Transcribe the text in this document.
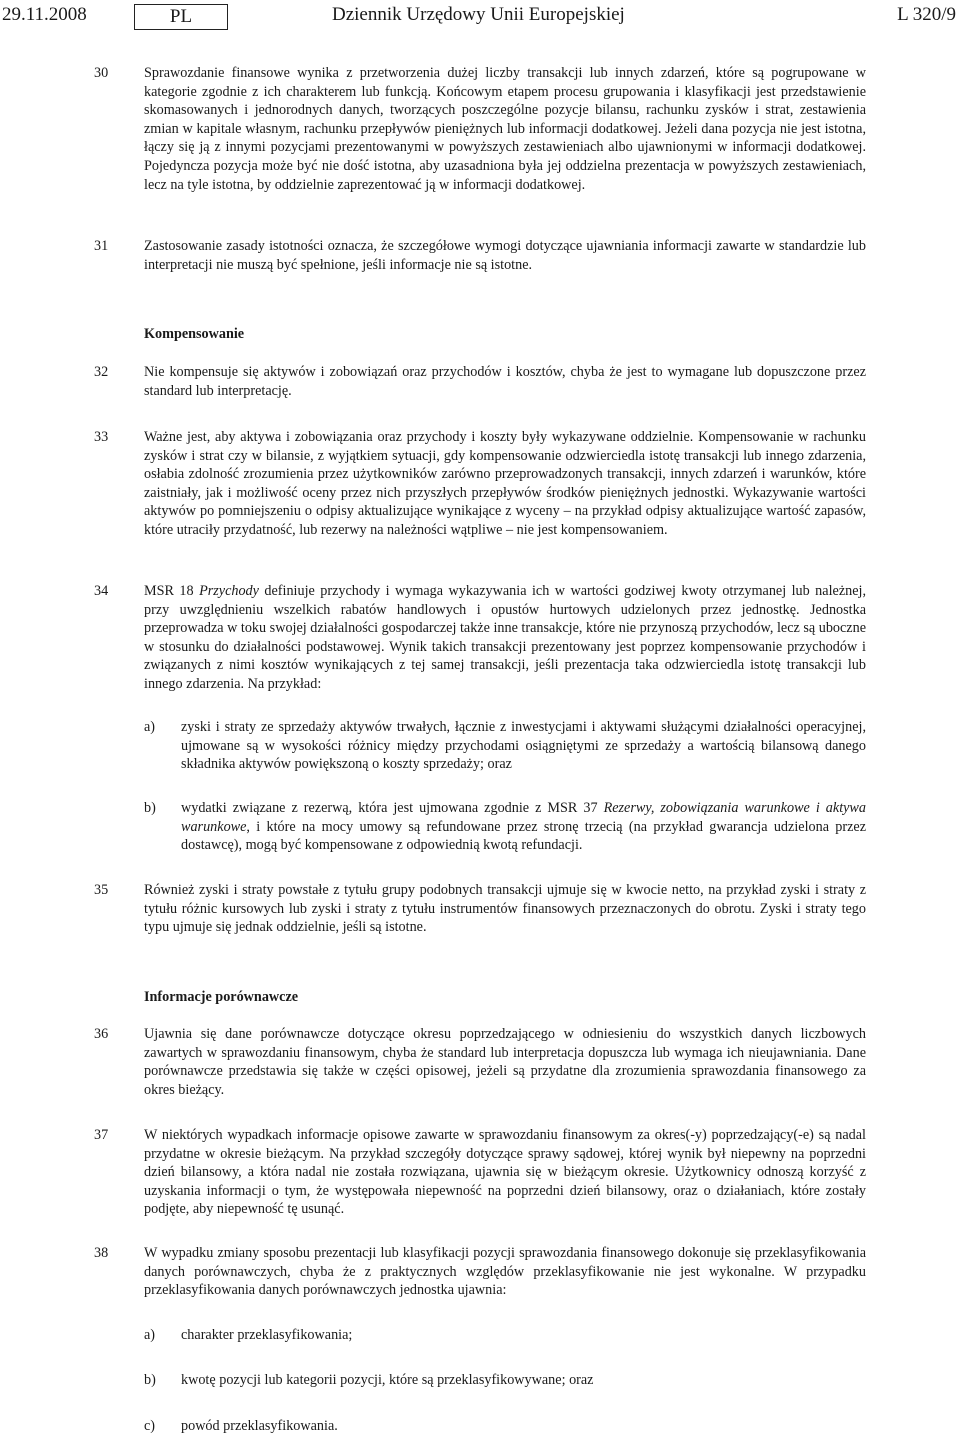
29.11.2008	PL	Dziennik Urzędowy Unii Europejskiej	L 320/9
30	Sprawozdanie finansowe wynika z przetworzenia dużej liczby transakcji lub innych zdarzeń, które są pogrupowane w kategorie zgodnie z ich charakterem lub funkcją. Końcowym etapem procesu grupowania i klasyfikacji jest przedstawienie skomasowanych i jednorodnych danych, tworzących poszczególne pozycje bilansu, rachunku zysków i strat, zestawienia zmian w kapitale własnym, rachunku przepływów pieniężnych lub informacji dodatkowej. Jeżeli dana pozycja nie jest istotna, łączy się ją z innymi pozycjami prezentowanymi w powyższych zestawieniach albo ujawnionymi w informacji dodatkowej. Pojedyncza pozycja może być nie dość istotna, aby uzasadniona była jej oddzielna prezentacja w powyższych zestawieniach, lecz na tyle istotna, by oddzielnie zaprezentować ją w informacji dodatkowej.
31	Zastosowanie zasady istotności oznacza, że szczegółowe wymogi dotyczące ujawniania informacji zawarte w standardzie lub interpretacji nie muszą być spełnione, jeśli informacje nie są istotne.
Kompensowanie
32	Nie kompensuje się aktywów i zobowiązań oraz przychodów i kosztów, chyba że jest to wymagane lub dopuszczone przez standard lub interpretację.
33	Ważne jest, aby aktywa i zobowiązania oraz przychody i koszty były wykazywane oddzielnie. Kompensowanie w rachunku zysków i strat czy w bilansie, z wyjątkiem sytuacji, gdy kompensowanie odzwierciedla istotę transakcji lub innego zdarzenia, osłabia zdolność zrozumienia przez użytkowników zarówno przeprowadzonych transakcji, innych zdarzeń i warunków, które zaistniały, jak i możliwość oceny przez nich przyszłych przepływów środków pieniężnych jednostki. Wykazywanie wartości aktywów po pomniejszeniu o odpisy aktualizujące wynikające z wyceny – na przykład odpisy aktualizujące wartość zapasów, które utraciły przydatność, lub rezerwy na należności wątpliwe – nie jest kompensowaniem.
34	MSR 18 Przychody definiuje przychody i wymaga wykazywania ich w wartości godziwej kwoty otrzymanej lub należnej, przy uwzględnieniu wszelkich rabatów handlowych i opustów hurtowych udzielonych przez jednostkę. Jednostka przeprowadza w toku swojej działalności gospodarczej także inne transakcje, które nie przynoszą przychodów, lecz są uboczne w stosunku do działalności podstawowej. Wynik takich transakcji prezentowany jest poprzez kompensowanie przychodów i związanych z nimi kosztów wynikających z tej samej transakcji, jeśli prezentacja taka odzwierciedla istotę transakcji lub innego zdarzenia. Na przykład:
a) zyski i straty ze sprzedaży aktywów trwałych, łącznie z inwestycjami i aktywami służącymi działalności operacyjnej, ujmowane są w wysokości różnicy między przychodami osiągniętymi ze sprzedaży a wartością bilansową danego składnika aktywów powiększoną o koszty sprzedaży; oraz
b) wydatki związane z rezerwą, która jest ujmowana zgodnie z MSR 37 Rezerwy, zobowiązania warunkowe i aktywa warunkowe, i które na mocy umowy są refundowane przez stronę trzecią (na przykład gwarancja udzielona przez dostawcę), mogą być kompensowane z odpowiednią kwotą refundacji.
35	Również zyski i straty powstałe z tytułu grupy podobnych transakcji ujmuje się w kwocie netto, na przykład zyski i straty z tytułu różnic kursowych lub zyski i straty z tytułu instrumentów finansowych przeznaczonych do obrotu. Zyski i straty tego typu ujmuje się jednak oddzielnie, jeśli są istotne.
Informacje porównawcze
36	Ujawnia się dane porównawcze dotyczące okresu poprzedzającego w odniesieniu do wszystkich danych liczbowych zawartych w sprawozdaniu finansowym, chyba że standard lub interpretacja dopuszcza lub wymaga ich nieujawniania. Dane porównawcze przedstawia się także w części opisowej, jeżeli są przydatne dla zrozumienia sprawozdania finansowego za okres bieżący.
37	W niektórych wypadkach informacje opisowe zawarte w sprawozdaniu finansowym za okres(-y) poprzedzający(-e) są nadal przydatne w okresie bieżącym. Na przykład szczegóły dotyczące sprawy sądowej, której wynik był niepewny na poprzedni dzień bilansowy, a która nadal nie została rozwiązana, ujawnia się w bieżącym okresie. Użytkownicy odnoszą korzyść z uzyskania informacji o tym, że występowała niepewność na poprzedni dzień bilansowy, oraz o działaniach, które zostały podjęte, aby niepewność tę usunąć.
38	W wypadku zmiany sposobu prezentacji lub klasyfikacji pozycji sprawozdania finansowego dokonuje się przeklasyfikowania danych porównawczych, chyba że z praktycznych względów przeklasyfikowanie nie jest wykonalne. W przypadku przeklasyfikowania danych porównawczych jednostka ujawnia:
a) charakter przeklasyfikowania;
b) kwotę pozycji lub kategorii pozycji, które są przeklasyfikowywane; oraz
c) powód przeklasyfikowania.
